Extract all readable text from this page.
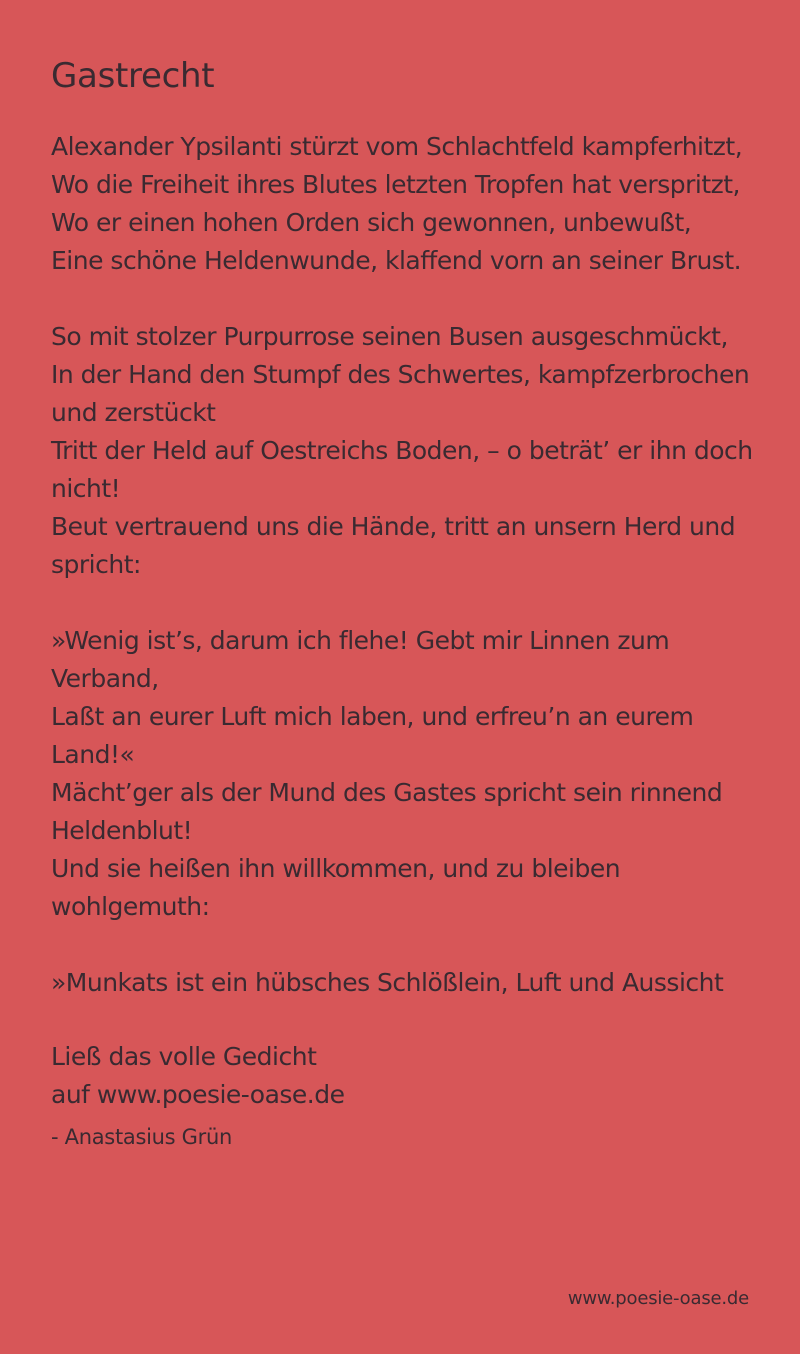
Gastrecht

Alexander Ypsilanti stürzt vom Schlachtfeld kampferhitzt,
Wo die Freiheit ihres Blutes letzten Tropfen hat verspritzt,
Wo er einen hohen Orden sich gewonnen, unbewußt,
Eine schöne Heldenwunde, klaffend vorn an seiner Brust.

So mit stolzer Purpurrose seinen Busen ausgeschmückt,
In der Hand den Stumpf des Schwertes, kampfzerbrochen und zerstückt
Tritt der Held auf Oestreichs Boden, – o beträt’ er ihn doch nicht!
Beut vertrauend uns die Hände, tritt an unsern Herd und spricht:

»Wenig ist’s, darum ich flehe! Gebt mir Linnen zum Verband,
Laßt an eurer Luft mich laben, und erfreu’n an eurem Land!«
Mächt’ger als der Mund des Gastes spricht sein rinnend Heldenblut!
Und sie heißen ihn willkommen, und zu bleiben wohlgemuth:

»Munkats ist ein hübsches Schlößlein, Luft und Aussicht

Ließ das volle Gedicht
auf www.poesie-oase.de
- Anastasius Grün
www.poesie-oase.de
